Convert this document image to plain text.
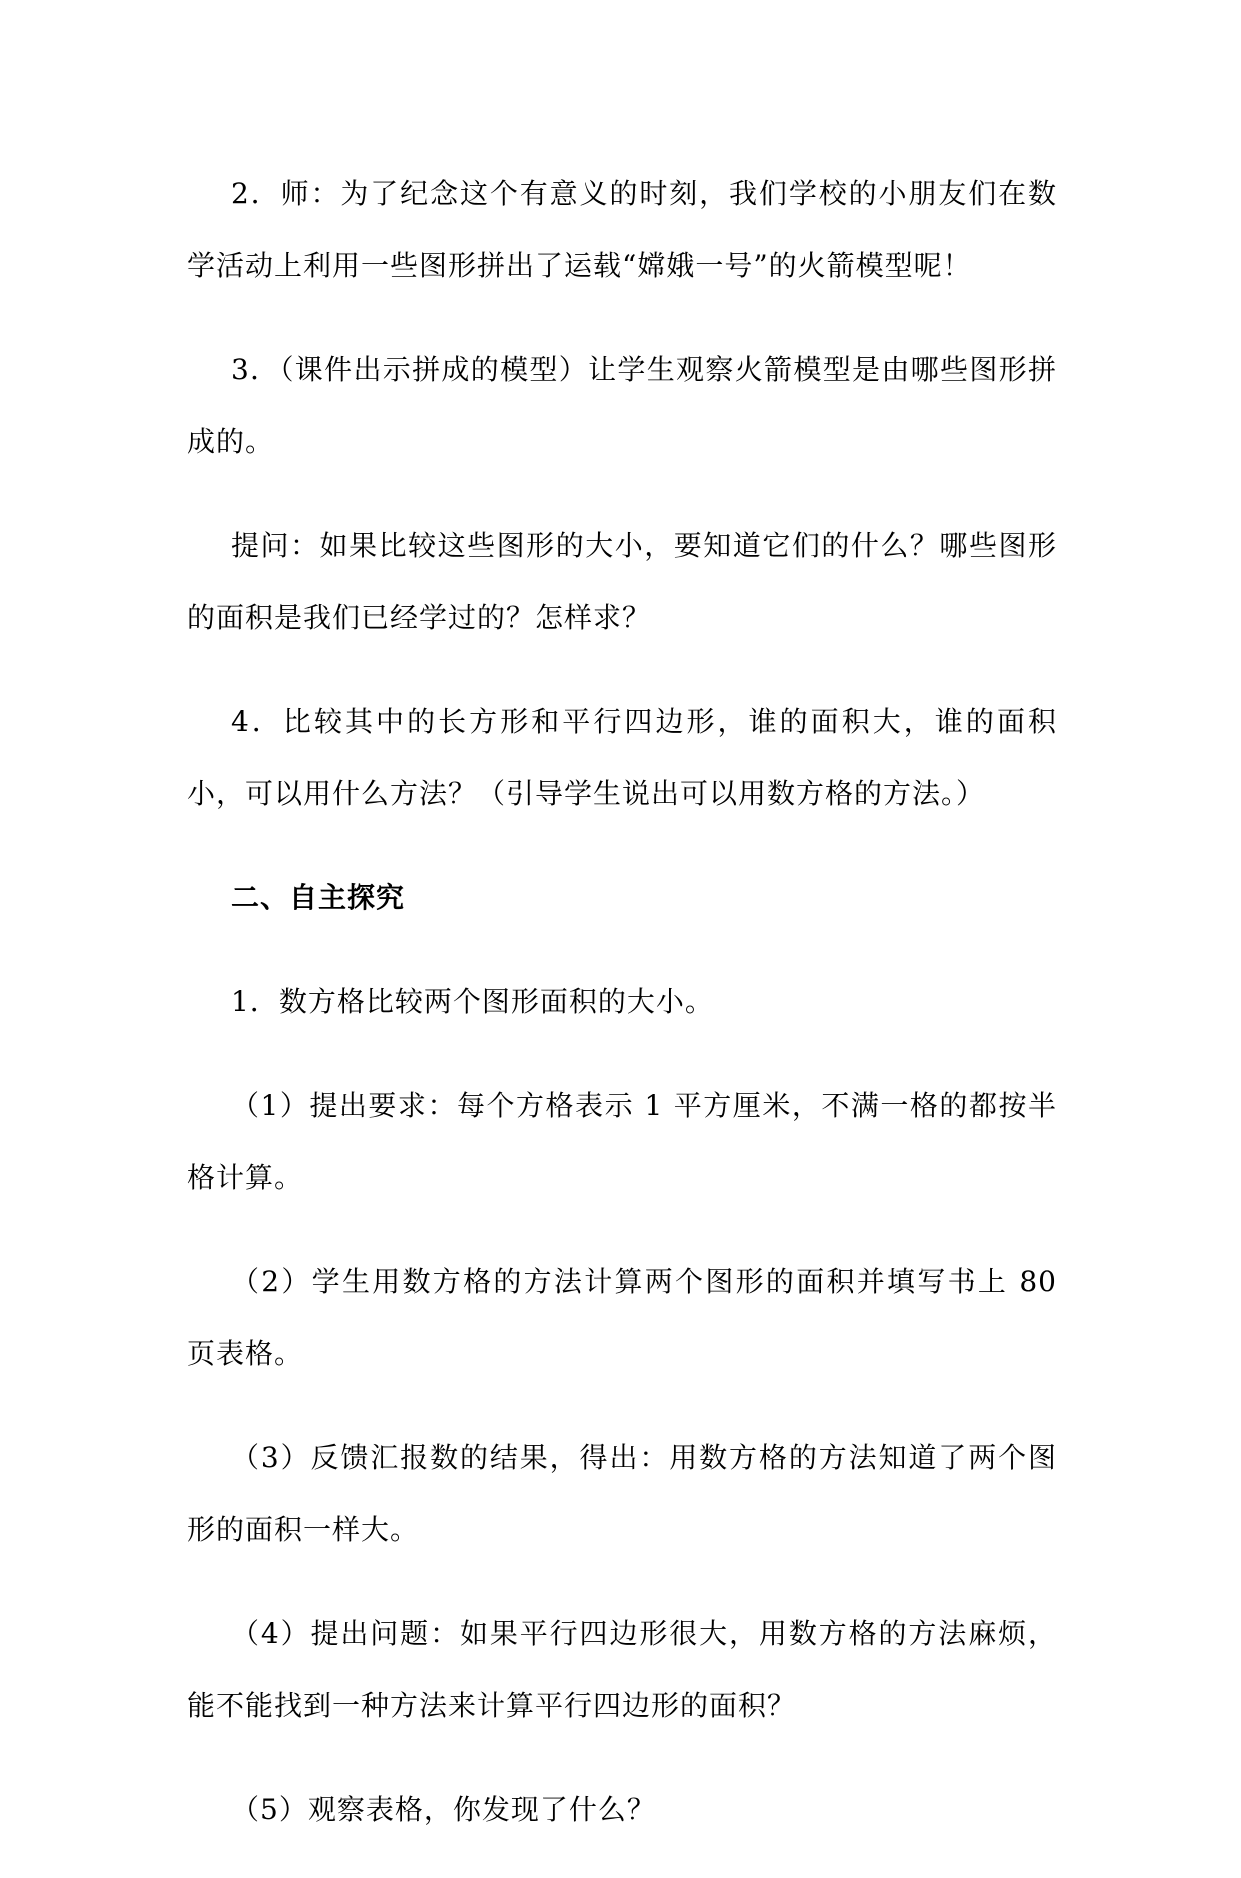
2．师：为了纪念这个有意义的时刻，我们学校的小朋友们在数学活动上利用一些图形拼出了运载“嫦娥一号”的火箭模型呢！

3．（课件出示拼成的模型）让学生观察火箭模型是由哪些图形拼成的。

提问：如果比较这些图形的大小，要知道它们的什么？哪些图形的面积是我们已经学过的？怎样求？

4．比较其中的长方形和平行四边形，谁的面积大，谁的面积小，可以用什么方法？（引导学生说出可以用数方格的方法。）

二、自主探究

1．数方格比较两个图形面积的大小。

（1）提出要求：每个方格表示 1 平方厘米，不满一格的都按半格计算。

（2）学生用数方格的方法计算两个图形的面积并填写书上 80 页表格。

（3）反馈汇报数的结果，得出：用数方格的方法知道了两个图形的面积一样大。

（4）提出问题：如果平行四边形很大，用数方格的方法麻烦，能不能找到一种方法来计算平行四边形的面积？

（5）观察表格，你发现了什么？
